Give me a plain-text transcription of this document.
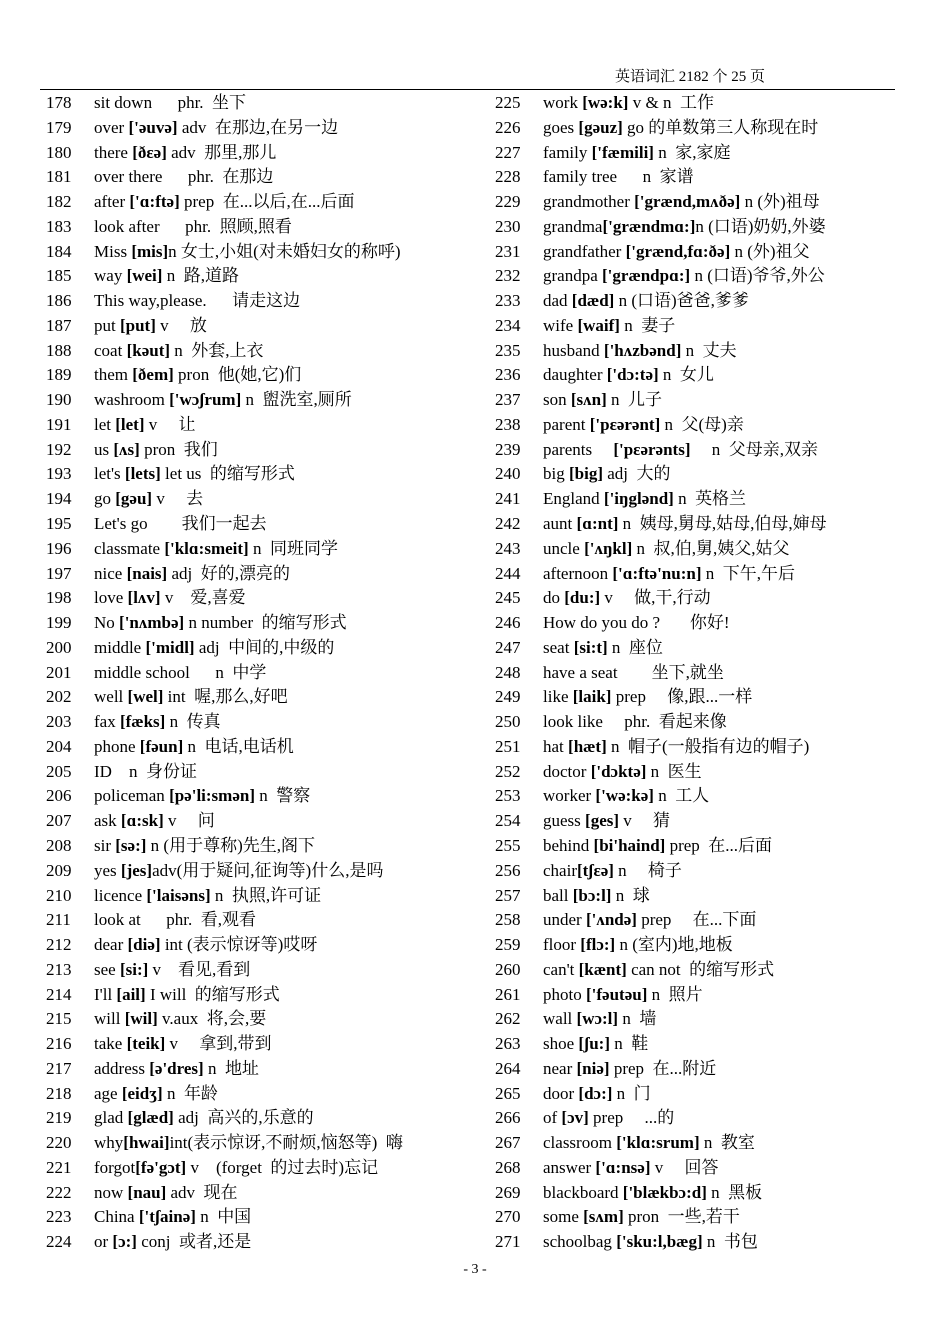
英语词汇 2182 个 25 页
178	sit down      phr.  坐下
179	over ['əuvə] adv  在那边,在另一边
180	there [ðεə] adv  那里,那儿
181	over there      phr.  在那边
182	after ['ɑ:ftə] prep  在...以后,在...后面
183	look after      phr.  照顾,照看
184	Miss [mis]n 女士,小姐(对未婚妇女的称呼)
185	way [wei] n  路,道路
186	This way,please.      请走这边
187	put [put] v     放
188	coat [kəut] n  外套,上衣
189	them [ðem] pron  他(她,它)们
190	washroom ['wɔʃrum] n  盥洗室,厕所
191	let [let] v     让
192	us [ʌs] pron  我们
193	let's [lets] let us  的缩写形式
194	go [gəu] v     去
195	Let's go        我们一起去
196	classmate ['klɑ:smeit] n  同班同学
197	nice [nais] adj  好的,漂亮的
198	love [lʌv] v    爱,喜爱
199	No ['nʌmbə] n number  的缩写形式
200	middle ['midl] adj  中间的,中级的
201	middle school      n  中学
202	well [wel] int  喔,那么,好吧
203	fax [fæks] n  传真
204	phone [fəun] n  电话,电话机
205	ID    n  身份证
206	policeman [pə'li:smən] n  警察
207	ask [ɑ:sk] v     问
208	sir [sə:] n (用于尊称)先生,阁下
209	yes [jes]adv(用于疑问,征询等)什么,是吗
210	licence ['laisəns] n  执照,许可证
211	look at      phr.  看,观看
212	dear [diə] int (表示惊讶等)哎呀
213	see [si:] v    看见,看到
214	I'll [ail] I will  的缩写形式
215	will [wil] v.aux  将,会,要
216	take [teik] v     拿到,带到
217	address [ə'dres] n  地址
218	age [eidʒ] n  年龄
219	glad [glæd] adj  高兴的,乐意的
220	why[hwai]int(表示惊讶,不耐烦,恼怒等)  嗨
221	forgot[fə'gɔt] v    (forget  的过去时)忘记
222	now [nau] adv  现在
223	China ['tʃainə] n  中国
224	or [ɔ:] conj  或者,还是
225	work [wə:k] v & n  工作
226	goes [gəuz] go 的单数第三人称现在时
227	family ['fæmili] n  家,家庭
228	family tree      n  家谱
229	grandmother ['grænd,mʌðə] n (外)祖母
230	grandma['grændmɑ:]n (口语)奶奶,外婆
231	grandfather ['grænd,fɑ:ðə] n (外)祖父
232	grandpa ['grændpɑ:] n (口语)爷爷,外公
233	dad [dæd] n (口语)爸爸,爹爹
234	wife [waif] n  妻子
235	husband ['hʌzbənd] n  丈夫
236	daughter ['dɔ:tə] n  女儿
237	son [sʌn] n  儿子
238	parent ['pεərənt] n  父(母)亲
239	parents     ['pεərənts]     n  父母亲,双亲
240	big [big] adj  大的
241	England ['iŋglənd] n  英格兰
242	aunt [ɑ:nt] n  姨母,舅母,姑母,伯母,婶母
243	uncle ['ʌŋkl] n  叔,伯,舅,姨父,姑父
244	afternoon ['ɑ:ftə'nu:n] n  下午,午后
245	do [du:] v     做,干,行动
246	How do you do ?       你好!
247	seat [si:t] n  座位
248	have a seat        坐下,就坐
249	like [laik] prep     像,跟...一样
250	look like     phr.  看起来像
251	hat [hæt] n  帽子(一般指有边的帽子)
252	doctor ['dɔktə] n  医生
253	worker ['wə:kə] n  工人
254	guess [ges] v     猜
255	behind [bi'haind] prep  在...后面
256	chair[tʃεə] n     椅子
257	ball [bɔ:l] n  球
258	under ['ʌndə] prep     在...下面
259	floor [flɔ:] n (室内)地,地板
260	can't [kænt] can not  的缩写形式
261	photo ['fəutəu] n  照片
262	wall [wɔ:l] n  墙
263	shoe [ʃu:] n  鞋
264	near [niə] prep  在...附近
265	door [dɔ:] n  门
266	of [ɔv] prep     ...的
267	classroom ['klɑ:srum] n  教室
268	answer ['ɑ:nsə] v     回答
269	blackboard ['blækbɔ:d] n  黑板
270	some [sʌm] pron  一些,若干
271	schoolbag ['sku:l,bæg] n  书包
- 3 -
